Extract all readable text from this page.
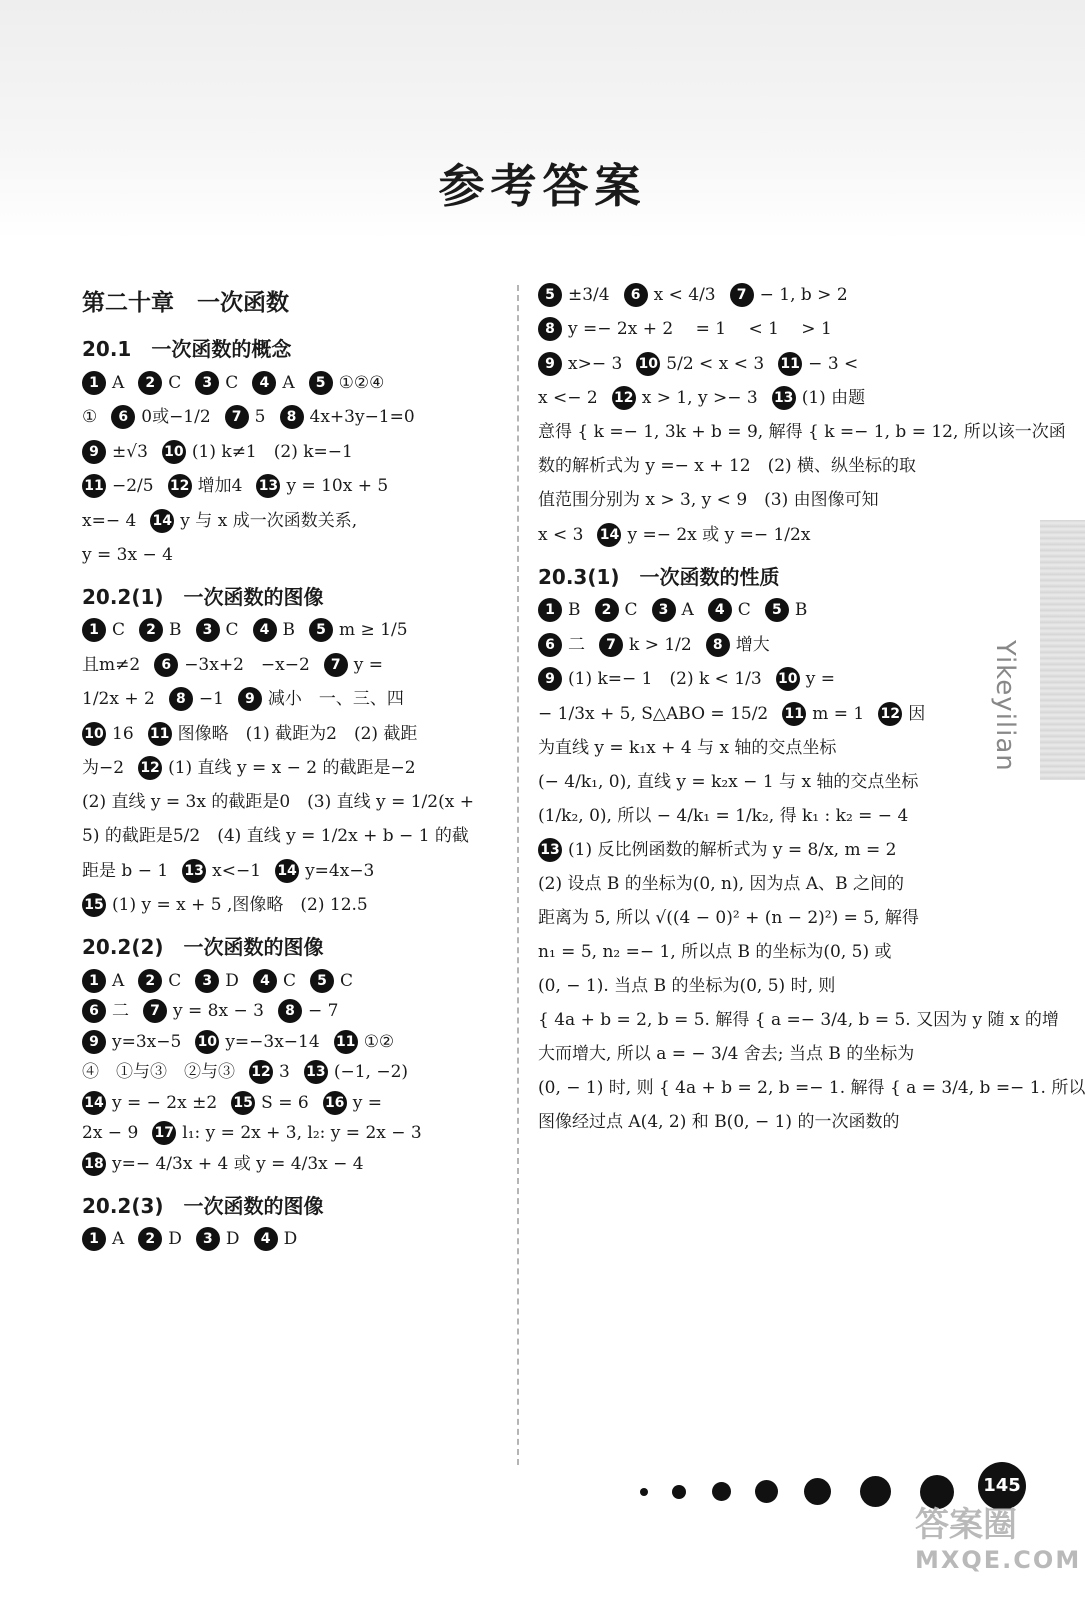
参考答案
第二十章　一次函数
20.1　一次函数的概念
1 A 2 C 3 C 4 A 5 ①②④
① 6 0或−1/2 7 5 8 4x+3y−1=0
9 ±√3 10 (1) k≠1　(2) k=−1
11 −2/5 12 增加4 13 y = 10x + 5
x=− 4 14 y 与 x 成一次函数关系,
y = 3x − 4
20.2(1)　一次函数的图像
1 C 2 B 3 C 4 B 5 m ≥ 1/5
且m≠2 6 −3x+2　−x−2 7 y =
1/2x + 2 8 −1 9 减小　一、三、四
10 16 11 图像略　(1) 截距为2　(2) 截距
为−2 12 (1) 直线 y = x − 2 的截距是−2
(2) 直线 y = 3x 的截距是0　(3) 直线 y = 1/2(x +
5) 的截距是5/2　(4) 直线 y = 1/2x + b − 1 的截
距是 b − 1 13 x<−1 14 y=4x−3
15 (1) y = x + 5 ,图像略　(2) 12.5
20.2(2)　一次函数的图像
1 A 2 C 3 D 4 C 5 C
6 二 7 y = 8x − 3 8 − 7
9 y=3x−5 10 y=−3x−14 11 ①②
④　①与③　②与③ 12 3 13 (−1, −2)
14 y = − 2x ±2 15 S = 6 16 y =
2x − 9 17 l₁: y = 2x + 3, l₂: y = 2x − 3
18 y=− 4/3x + 4 或 y = 4/3x − 4
20.2(3)　一次函数的图像
1 A 2 D 3 D 4 D
5 ±3/4 6 x < 4/3 7 − 1, b > 2
8 y =− 2x + 2　 = 1　 < 1　 > 1
9 x>− 3 10 5/2 < x < 3 11 − 3 <
x <− 2 12 x > 1, y >− 3 13 (1) 由题
意得 { k =− 1, 3k + b = 9, 解得 { k =− 1, b = 12, 所以该一次函
数的解析式为 y =− x + 12　(2) 横、纵坐标的取
值范围分别为 x > 3, y < 9　(3) 由图像可知
x < 3 14 y =− 2x 或 y =− 1/2x
20.3(1)　一次函数的性质
1 B 2 C 3 A 4 C 5 B
6 二 7 k > 1/2 8 增大
9 (1) k=− 1　(2) k < 1/3 10 y =
− 1/3x + 5, S△ABO = 15/2 11 m = 1 12 因
为直线 y = k₁x + 4 与 x 轴的交点坐标
(− 4/k₁, 0), 直线 y = k₂x − 1 与 x 轴的交点坐标
(1/k₂, 0), 所以 − 4/k₁ = 1/k₂, 得 k₁ : k₂ = − 4
13 (1) 反比例函数的解析式为 y = 8/x, m = 2
(2) 设点 B 的坐标为(0, n), 因为点 A、B 之间的
距离为 5, 所以 √((4 − 0)² + (n − 2)²) = 5, 解得
n₁ = 5, n₂ =− 1, 所以点 B 的坐标为(0, 5) 或
(0, − 1). 当点 B 的坐标为(0, 5) 时, 则
{ 4a + b = 2, b = 5. 解得 { a =− 3/4, b = 5. 又因为 y 随 x 的增
大而增大, 所以 a = − 3/4 舍去; 当点 B 的坐标为
(0, − 1) 时, 则 { 4a + b = 2, b =− 1. 解得 { a = 3/4, b =− 1. 所以
图像经过点 A(4, 2) 和 B(0, − 1) 的一次函数的
Yikeyilian
145
答案圈
MXQE.COM
